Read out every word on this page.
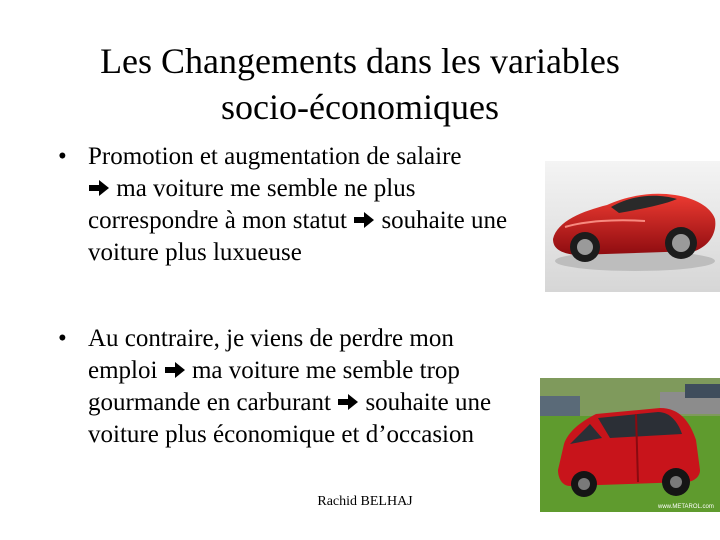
Les Changements dans les variables
socio-économiques
• Promotion et augmentation de salaire
ma voiture me semble ne plus correspondre à mon statut souhaite une voiture plus luxueuse
• Au contraire, je viens de perdre mon emploi ma voiture me semble trop gourmande en carburant souhaite une voiture plus économique et d’occasion
www.METAROL.com
Rachid BELHAJ
